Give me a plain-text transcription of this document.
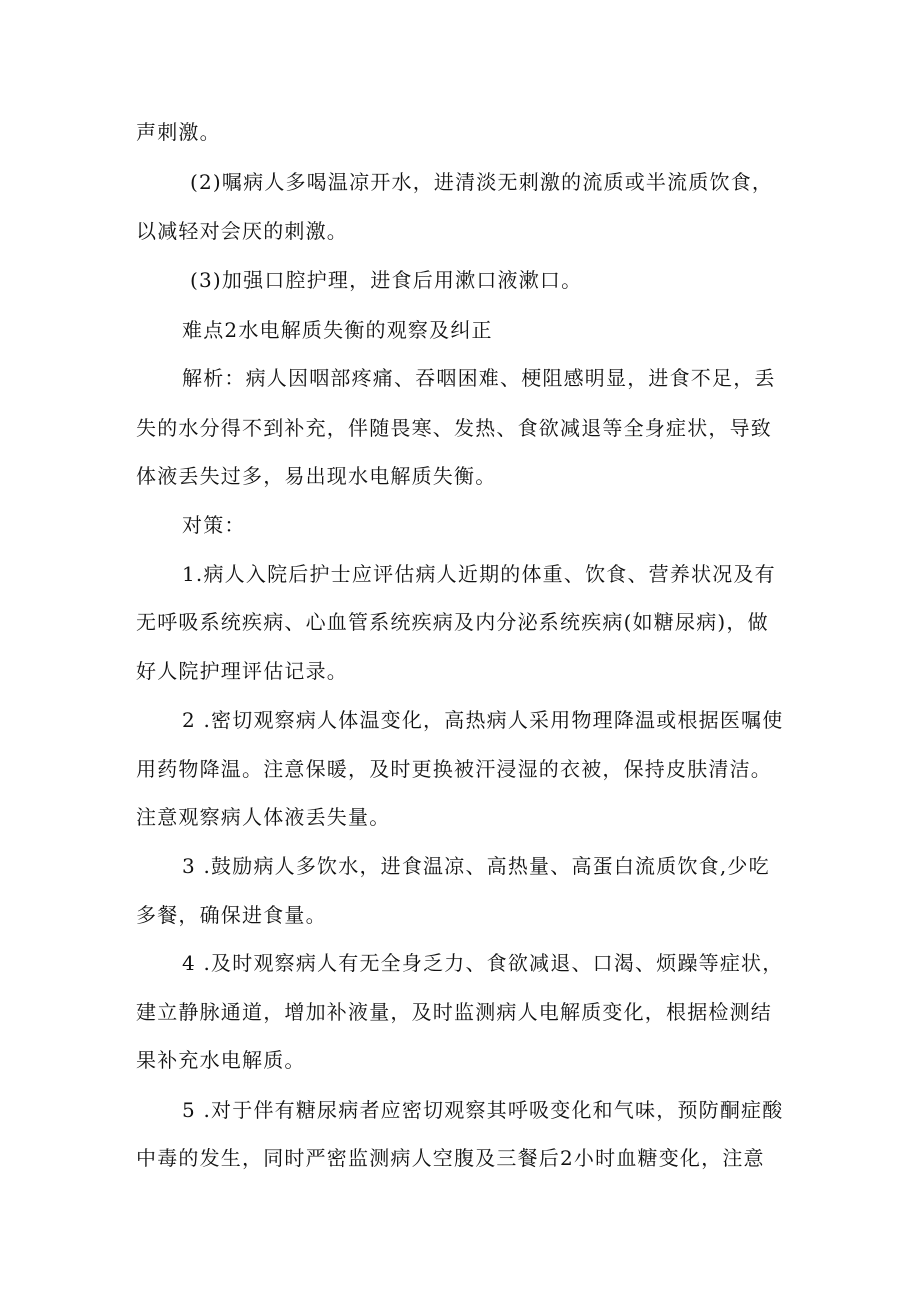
声刺激。
(2)嘱病人多喝温凉开水，进清淡无刺激的流质或半流质饮食，
以减轻对会厌的刺激。
(3)加强口腔护理，进食后用漱口液漱口。
难点2水电解质失衡的观察及纠正
解析：病人因咽部疼痛、吞咽困难、梗阻感明显，进食不足，丢
失的水分得不到补充，伴随畏寒、发热、食欲减退等全身症状，导致
体液丢失过多，易出现水电解质失衡。
对策：
1.病人入院后护士应评估病人近期的体重、饮食、营养状况及有
无呼吸系统疾病、心血管系统疾病及内分泌系统疾病(如糖尿病)，做
好人院护理评估记录。
2 .密切观察病人体温变化，高热病人采用物理降温或根据医嘱使
用药物降温。注意保暖，及时更换被汗浸湿的衣被，保持皮肤清洁。
注意观察病人体液丢失量。
3 .鼓励病人多饮水，进食温凉、高热量、高蛋白流质饮食,少吃
多餐，确保进食量。
4 .及时观察病人有无全身乏力、食欲减退、口渴、烦躁等症状，
建立静脉通道，增加补液量，及时监测病人电解质变化，根据检测结
果补充水电解质。
5 .对于伴有糖尿病者应密切观察其呼吸变化和气味，预防酮症酸
中毒的发生，同时严密监测病人空腹及三餐后2小时血糖变化，注意
